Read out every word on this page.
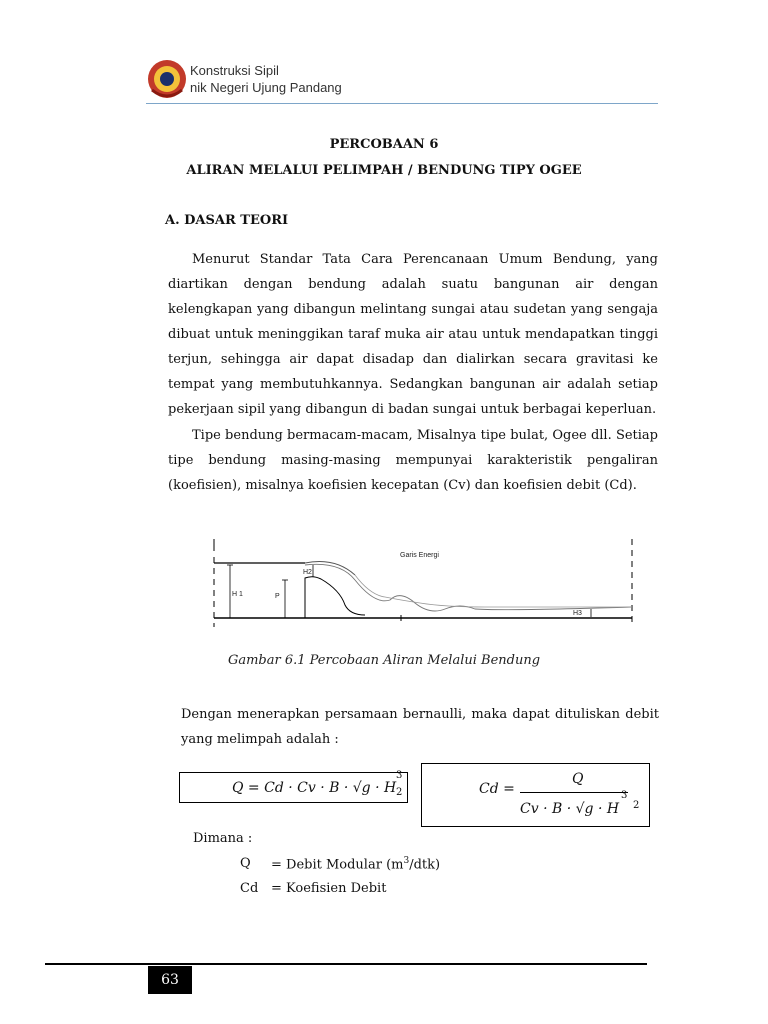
Konstruksi Sipil
nik Negeri Ujung Pandang
PERCOBAAN 6
ALIRAN MELALUI PELIMPAH / BENDUNG TIPY OGEE
A. DASAR TEORI

Menurut Standar Tata Cara Perencanaan Umum Bendung, yang diartikan dengan bendung adalah suatu bangunan air dengan kelengkapan yang dibangun melintang sungai atau sudetan yang sengaja dibuat untuk meninggikan taraf muka air atau untuk mendapatkan tinggi terjun, sehingga air dapat disadap dan dialirkan secara gravitasi ke tempat yang membutuhkannya. Sedangkan bangunan air adalah setiap pekerjaan sipil yang dibangun di badan sungai untuk berbagai keperluan.

Tipe bendung bermacam-macam, Misalnya tipe bulat, Ogee dll. Setiap tipe bendung masing-masing mempunyai karakteristik pengaliran (koefisien), misalnya koefisien kecepatan (Cv) dan koefisien debit (Cd).

Garis Energi
H 1	P
H2
H3
Gambar 6.1 Percobaan Aliran Melalui Bendung
Dengan menerapkan persamaan bernaulli, maka dapat dituliskan debit yang melimpah adalah :
Q = Cd · Cv · B · √g · H
3
2	Cd =
Q
Cv · B · √g · H
3
2
Dimana :
Q = Debit Modular $(m^3/dtk)$
Cd = Koefisien Debit
63
